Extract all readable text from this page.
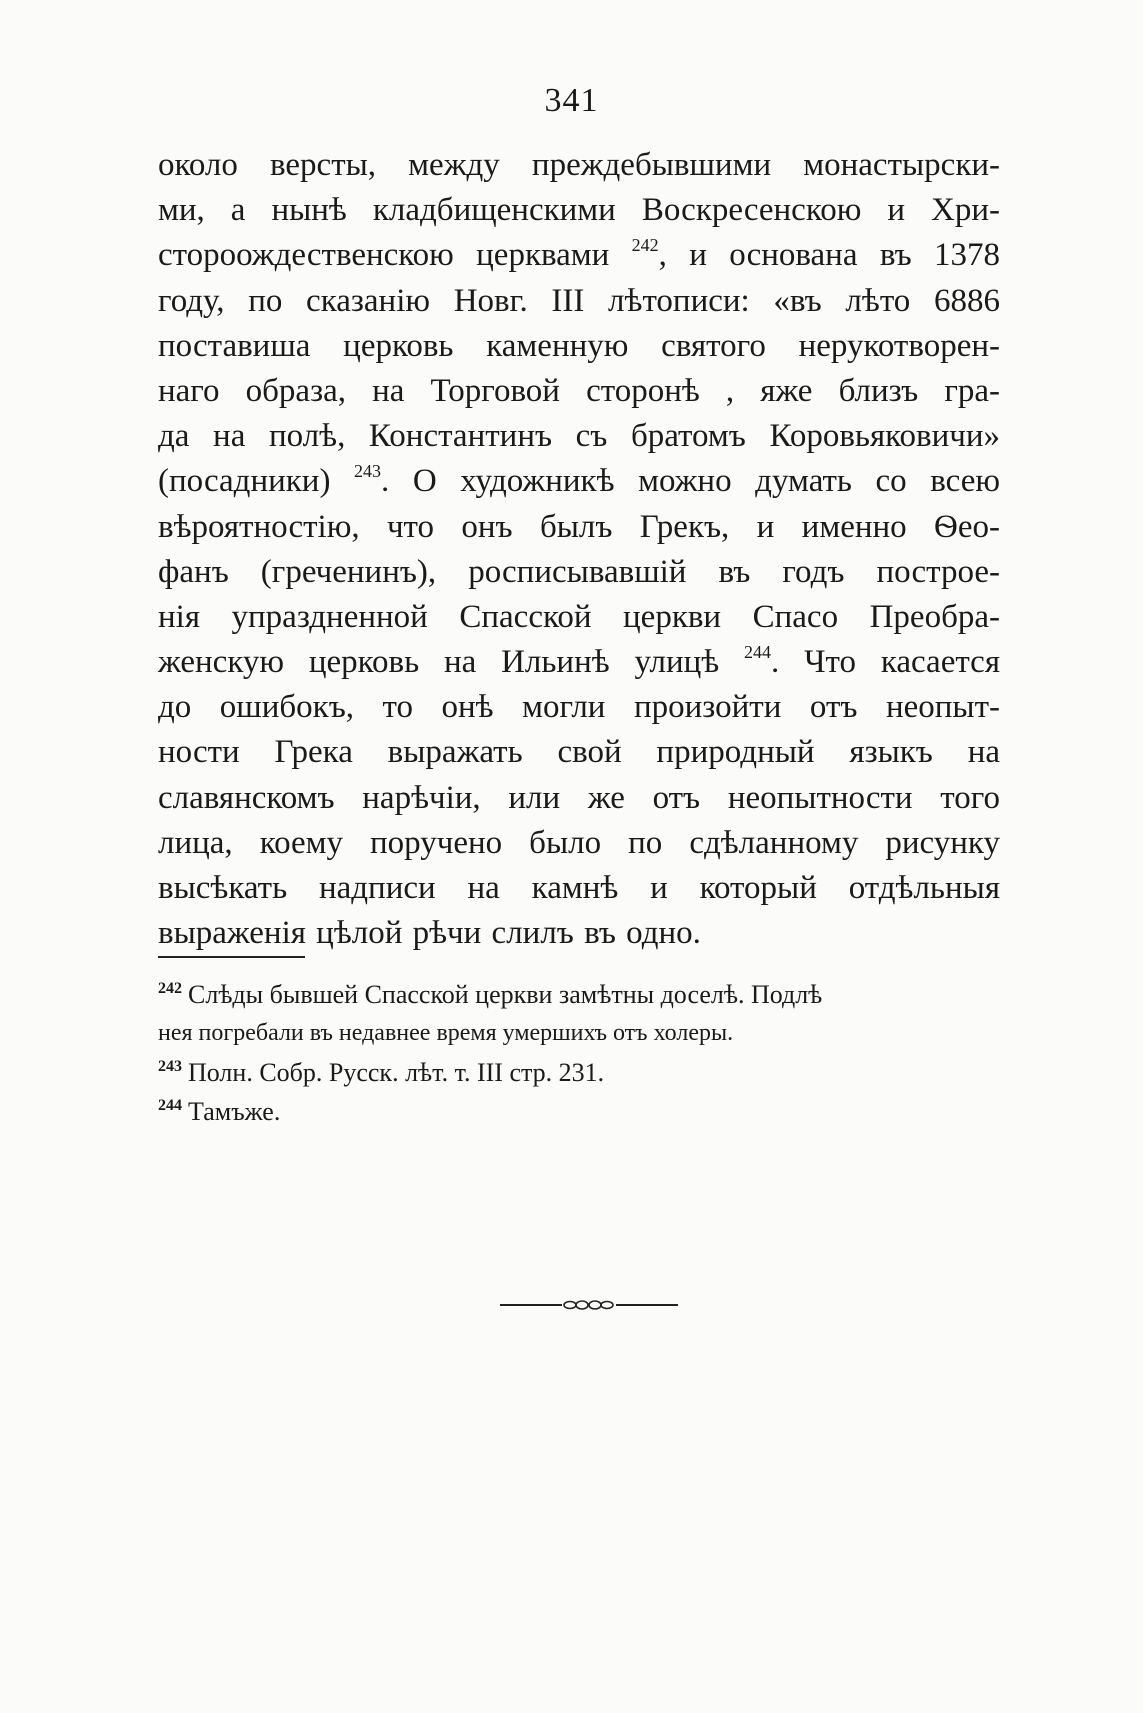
341
около версты, между преждебывшими монастырски-
ми, а нынѣ кладбищенскими Воскресенскою и Хри-
стороождественскою церквами $^{242}$, и основана въ 1378
году, по сказанію Новг. III лѣтописи: «въ лѣто 6886
поставиша церковь каменную святого нерукотворен-
наго образа, на Торговой сторонѣ , яже близъ гра-
да на полѣ, Константинъ съ братомъ Коровьяковичи»
(посадники) $^{243}$. О художникѣ можно думать со всею
вѣроятностію, что онъ былъ Грекъ, и именно Ѳео-
фанъ (греченинъ), росписывавшій въ годъ построе-
нія упраздненной Спасской церкви Спасо Преобра-
женскую церковь на Ильинѣ улицѣ $^{244}$. Что касается
до ошибокъ, то онѣ могли произойти отъ неопыт-
ности Грека выражать свой природный языкъ на
славянскомъ нарѣчіи, или же отъ неопытности того
лица, коему поручено было по сдѣланному рисунку
высѣкать надписи на камнѣ и который отдѣльныя
выраженія цѣлой рѣчи слилъ въ одно.
$^{242}$ Слѣды бывшей Спасской церкви замѣтны доселѣ. Подлѣ
нея погребали въ недавнее время умершихъ отъ холеры.
$^{243}$ Полн. Собр. Русск. лѣт. т. III стр. 231.
$^{244}$ Тамъже.
